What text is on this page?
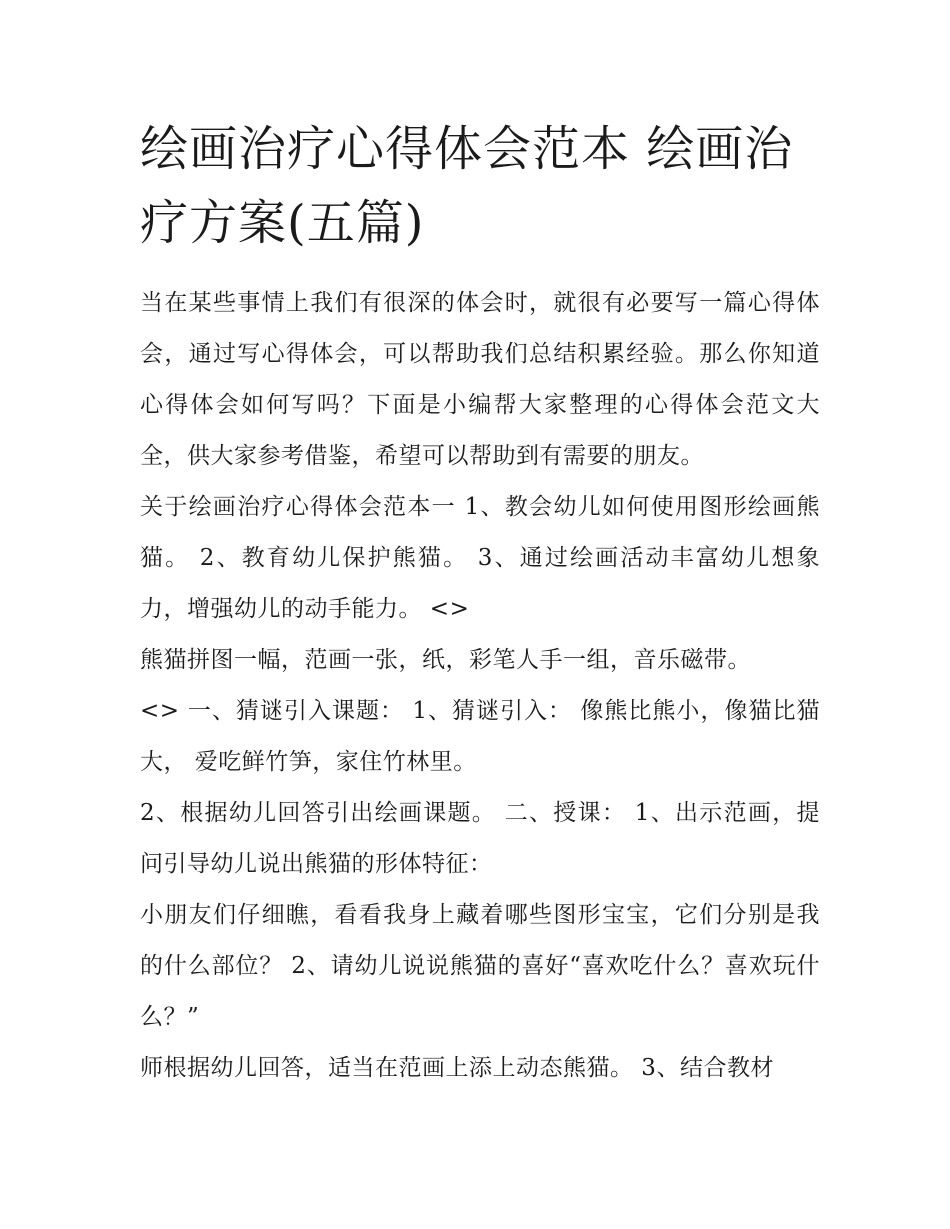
绘画治疗心得体会范本 绘画治疗方案(五篇)

当在某些事情上我们有很深的体会时，就很有必要写一篇心得体会，通过写心得体会，可以帮助我们总结积累经验。那么你知道心得体会如何写吗？下面是小编帮大家整理的心得体会范文大全，供大家参考借鉴，希望可以帮助到有需要的朋友。

关于绘画治疗心得体会范本一 1、教会幼儿如何使用图形绘画熊猫。 2、教育幼儿保护熊猫。 3、通过绘画活动丰富幼儿想象力，增强幼儿的动手能力。 <>

熊猫拼图一幅，范画一张，纸，彩笔人手一组，音乐磁带。

<> 一、猜谜引入课题： 1、猜谜引入： 像熊比熊小，像猫比猫大， 爱吃鲜竹笋，家住竹林里。

2、根据幼儿回答引出绘画课题。 二、授课： 1、出示范画，提问引导幼儿说出熊猫的形体特征：

小朋友们仔细瞧，看看我身上藏着哪些图形宝宝，它们分别是我的什么部位？ 2、请幼儿说说熊猫的喜好“喜欢吃什么？喜欢玩什么？”

师根据幼儿回答，适当在范画上添上动态熊猫。 3、结合教材
